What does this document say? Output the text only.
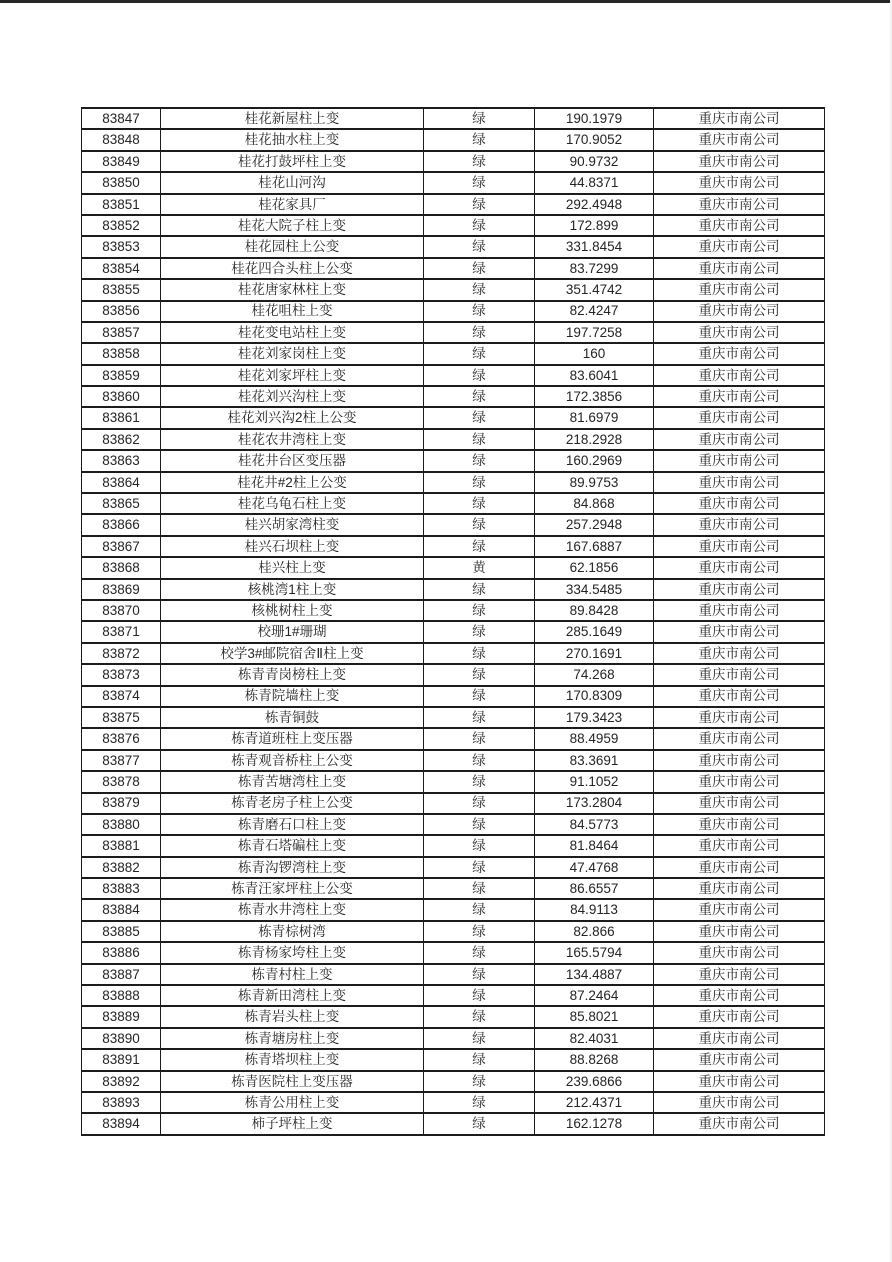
83847	桂花新屋柱上变	绿	190.1979	重庆市南公司
83848	桂花抽水柱上变	绿	170.9052	重庆市南公司
83849	桂花打鼓坪柱上变	绿	90.9732	重庆市南公司
83850	桂花山河沟	绿	44.8371	重庆市南公司
83851	桂花家具厂	绿	292.4948	重庆市南公司
83852	桂花大院子柱上变	绿	172.899	重庆市南公司
83853	桂花园柱上公变	绿	331.8454	重庆市南公司
83854	桂花四合头柱上公变	绿	83.7299	重庆市南公司
83855	桂花唐家林柱上变	绿	351.4742	重庆市南公司
83856	桂花咀柱上变	绿	82.4247	重庆市南公司
83857	桂花变电站柱上变	绿	197.7258	重庆市南公司
83858	桂花刘家岗柱上变	绿	160	重庆市南公司
83859	桂花刘家坪柱上变	绿	83.6041	重庆市南公司
83860	桂花刘兴沟柱上变	绿	172.3856	重庆市南公司
83861	桂花刘兴沟2柱上公变	绿	81.6979	重庆市南公司
83862	桂花农井湾柱上变	绿	218.2928	重庆市南公司
83863	桂花井台区变压器	绿	160.2969	重庆市南公司
83864	桂花井#2柱上公变	绿	89.9753	重庆市南公司
83865	桂花乌龟石柱上变	绿	84.868	重庆市南公司
83866	桂兴胡家湾柱变	绿	257.2948	重庆市南公司
83867	桂兴石坝柱上变	绿	167.6887	重庆市南公司
83868	桂兴柱上变	黄	62.1856	重庆市南公司
83869	核桃湾1柱上变	绿	334.5485	重庆市南公司
83870	核桃树柱上变	绿	89.8428	重庆市南公司
83871	校珊1#珊瑚	绿	285.1649	重庆市南公司
83872	校学3#邮院宿舍Ⅱ柱上变	绿	270.1691	重庆市南公司
83873	栋青青岗榜柱上变	绿	74.268	重庆市南公司
83874	栋青院墙柱上变	绿	170.8309	重庆市南公司
83875	栋青铜鼓	绿	179.3423	重庆市南公司
83876	栋青道班柱上变压器	绿	88.4959	重庆市南公司
83877	栋青观音桥柱上公变	绿	83.3691	重庆市南公司
83878	栋青苦塘湾柱上变	绿	91.1052	重庆市南公司
83879	栋青老房子柱上公变	绿	173.2804	重庆市南公司
83880	栋青磨石口柱上变	绿	84.5773	重庆市南公司
83881	栋青石塔碥柱上变	绿	81.8464	重庆市南公司
83882	栋青沟锣湾柱上变	绿	47.4768	重庆市南公司
83883	栋青汪家坪柱上公变	绿	86.6557	重庆市南公司
83884	栋青水井湾柱上变	绿	84.9113	重庆市南公司
83885	栋青棕树湾	绿	82.866	重庆市南公司
83886	栋青杨家垮柱上变	绿	165.5794	重庆市南公司
83887	栋青村柱上变	绿	134.4887	重庆市南公司
83888	栋青新田湾柱上变	绿	87.2464	重庆市南公司
83889	栋青岩头柱上变	绿	85.8021	重庆市南公司
83890	栋青塘房柱上变	绿	82.4031	重庆市南公司
83891	栋青塔坝柱上变	绿	88.8268	重庆市南公司
83892	栋青医院柱上变压器	绿	239.6866	重庆市南公司
83893	栋青公用柱上变	绿	212.4371	重庆市南公司
83894	柿子坪柱上变	绿	162.1278	重庆市南公司
